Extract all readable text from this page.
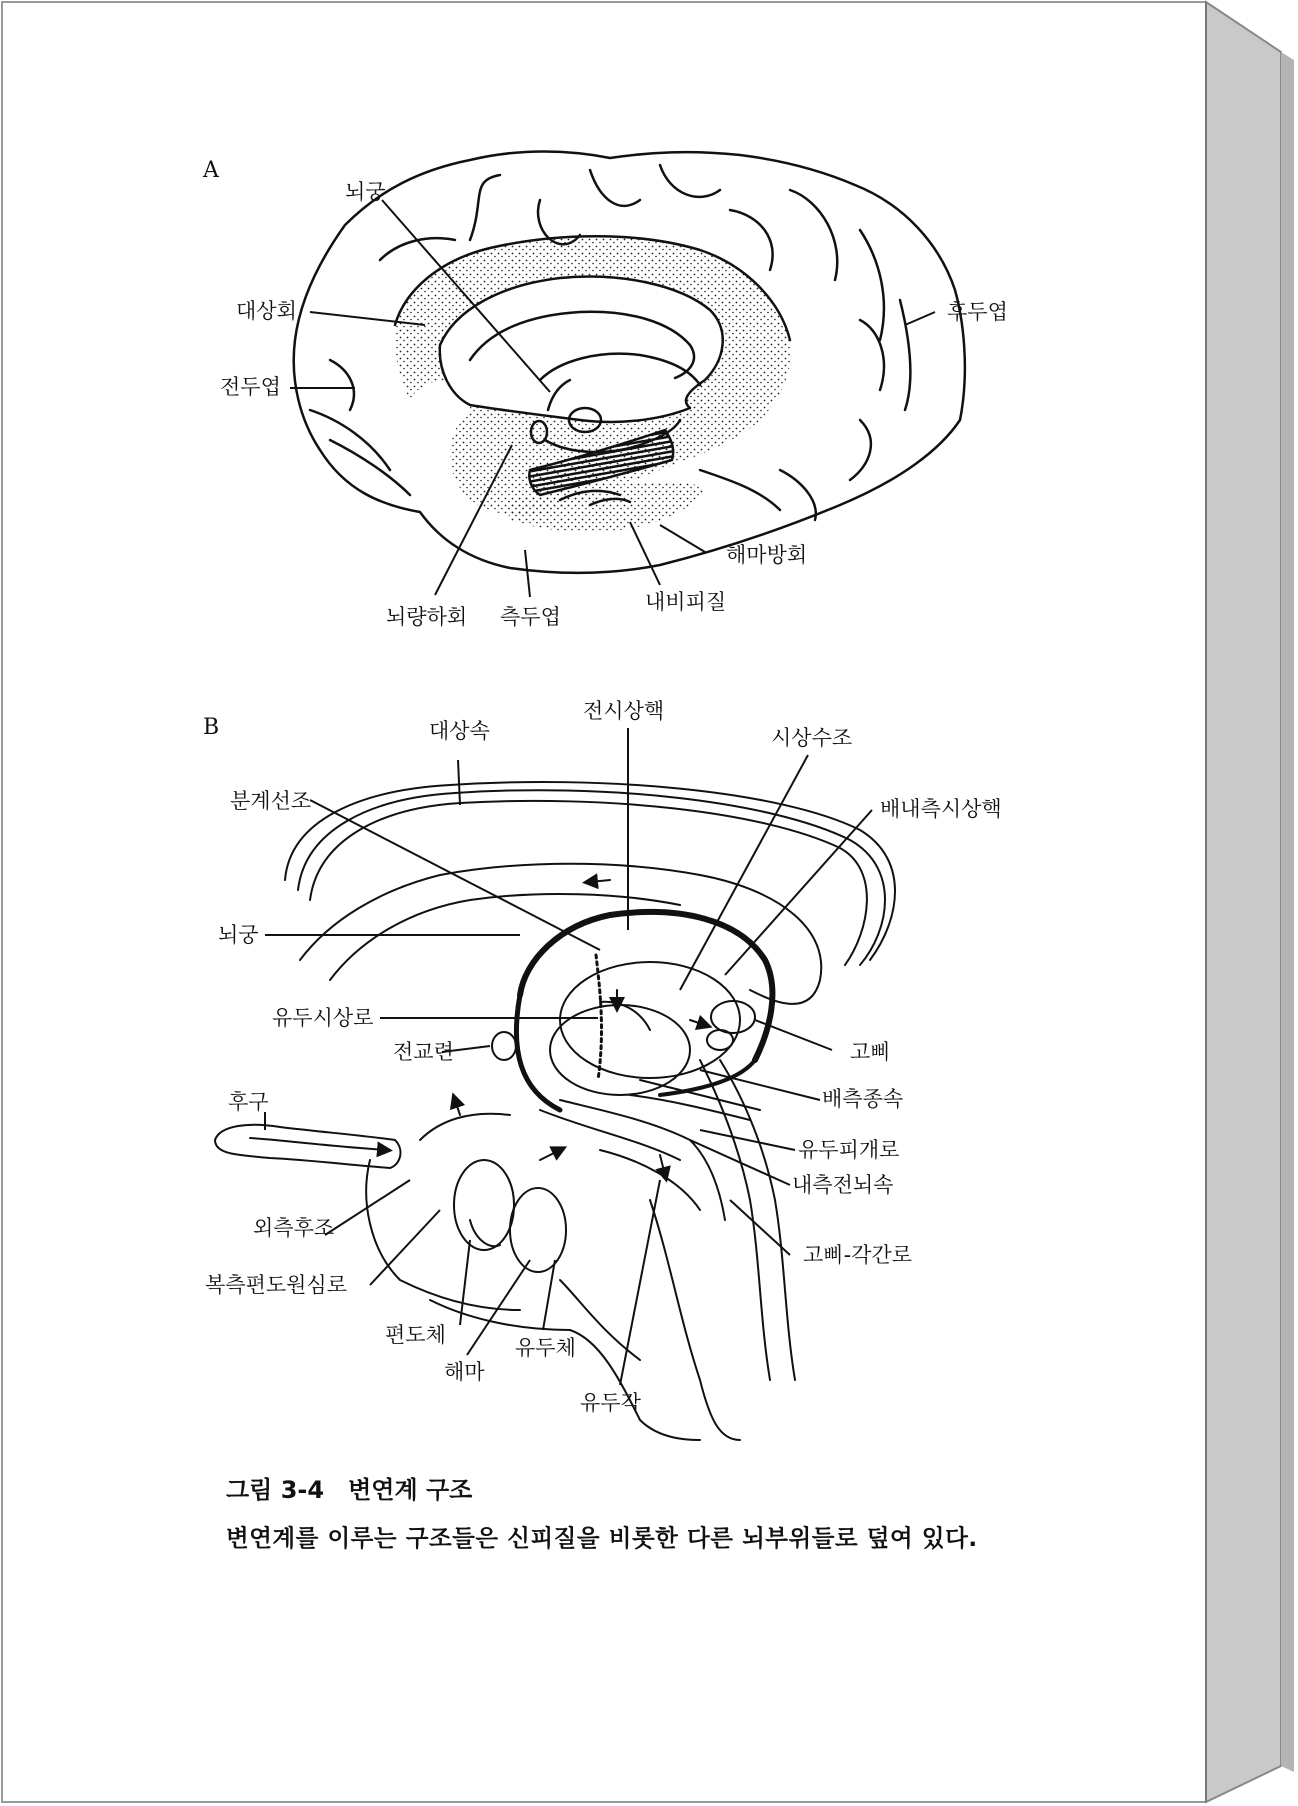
A
B
뇌궁
대상회
전두엽
후두엽
해마방회
뇌량하회 측두엽
내비피질
전시상핵
대상속	시상수조
분계선조	배내측시상핵
뇌궁
유두시상로
전교련	고삐
배측종속
후구
유두피개로
내측전뇌속
외측후조
고삐-각간로
복측편도원심로
편도체
유두체
해마
유두각
그림 3-4 변연계 구조
변연계를 이루는 구조들은 신피질을 비롯한 다른 뇌부위들로 덮여 있다.
